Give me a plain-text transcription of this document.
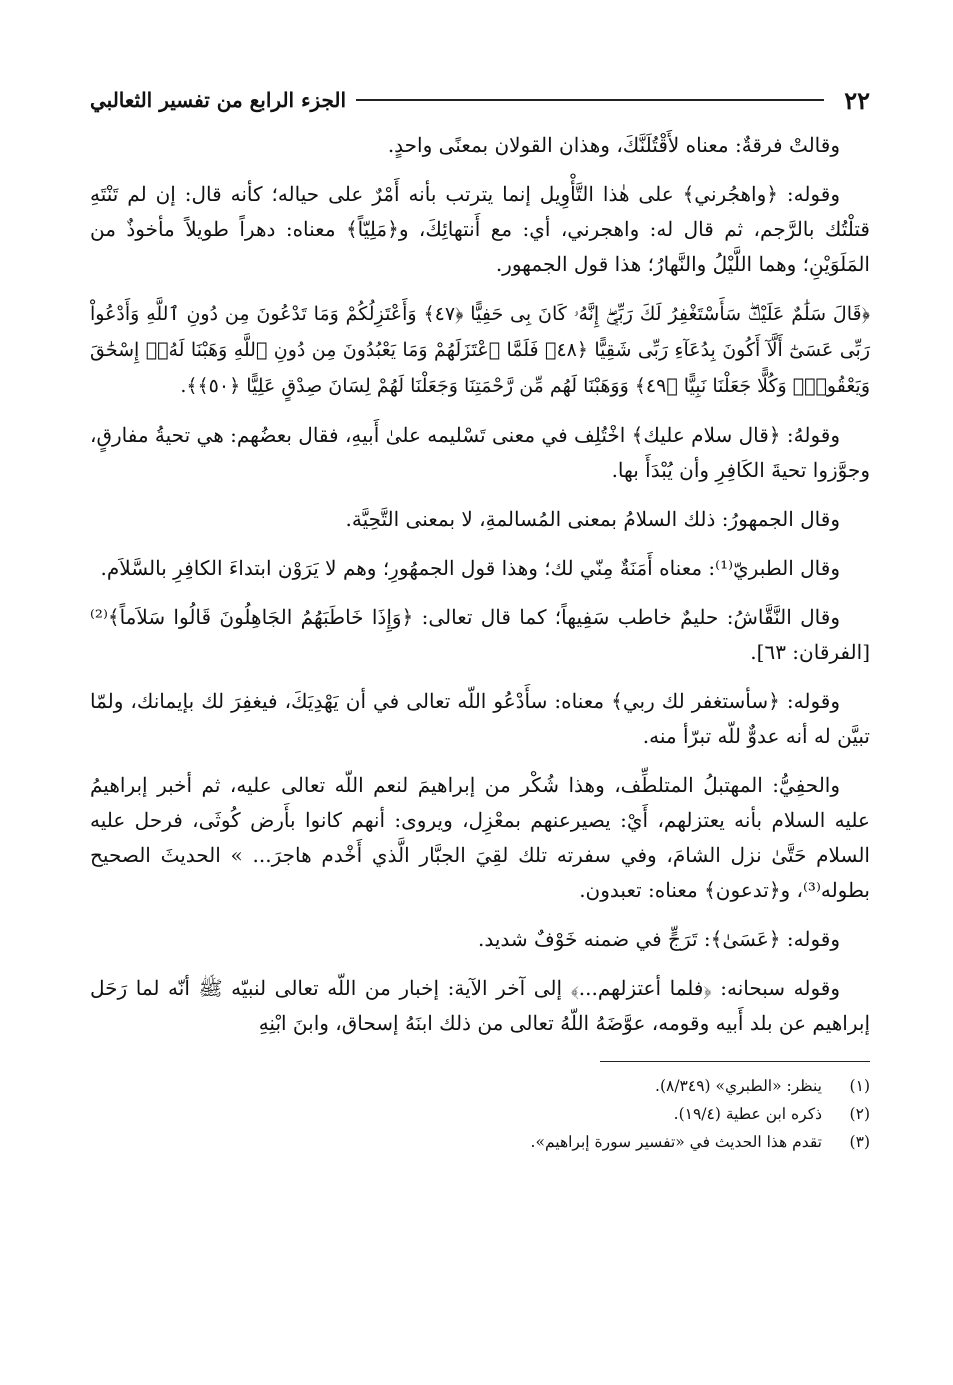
٢٢
الجزء الرابع من تفسير الثعالبي

وقالتْ فرقةٌ: معناه لأَقْتُلَنَّكَ، وهذان القولان بمعنًى واحدٍ.

وقوله: ﴿واهجُرني﴾ على هٰذا التَّأْوِيل إنما يترتب بأنه أَمْرٌ على حياله؛ كأنه قال: إن لم تَنْتَهِ قتلْتُك بالرَّجم، ثم قال له: واهجرني، أي: مع أَنتهائِكَ، و﴿مَلِيّاً﴾ معناه: دهراً طويلاً مأخوذٌ من المَلَوَيْنِ؛ وهما اللَّيْلُ والنَّهارُ؛ هذا قول الجمهور.

﴿قَالَ سَلَٰمٌ عَلَيْكَۖ سَأَسْتَغْفِرُ لَكَ رَبِّيٓۖ إِنَّهُۥ كَانَ بِى حَفِيًّا ﴿٤٧﴾ وَأَعْتَزِلُكُمْ وَمَا تَدْعُونَ مِن دُونِ ٱللَّهِ وَأَدْعُواْ رَبِّى عَسَىٰٓ أَلَّآ أَكُونَ بِدُعَآءِ رَبِّى شَقِيًّا ﴿٤٨﴾ فَلَمَّا ٱعْتَزَلَهُمْ وَمَا يَعْبُدُونَ مِن دُونِ ٱللَّهِ وَهَبْنَا لَهُۥٓ إِسْحَٰقَ وَيَعْقُوبَۖ وَكُلًّا جَعَلْنَا نَبِيًّا ﴿٤٩﴾ وَوَهَبْنَا لَهُم مِّن رَّحْمَتِنَا وَجَعَلْنَا لَهُمْ لِسَانَ صِدْقٍ عَلِيًّا ﴿٥٠﴾﴾.

وقولهُ: ﴿قال سلام عليك﴾ اخْتُلِف في معنى تَسْليمه علىٰ أَبيهِ، فقال بعضُهم: هي تحيةُ مفارقٍ، وجوَّزوا تحيةَ الكَافِرِ وأن يُبْدَأَ بها.

وقال الجمهورُ: ذلك السلامُ بمعنى المُسالمةِ، لا بمعنى التَّحِيَّة.

وقال الطبريّ⁽¹⁾: معناه أَمَنَةٌ مِنّي لك؛ وهذا قول الجمهُورِ؛ وهم لا يَرَوْن ابتداءَ الكافِرِ بالسَّلاَم.

وقال النَّقَّاشُ: حليمٌ خاطب سَفِيهاً؛ كما قال تعالى: ﴿وَإِذَا خَاطَبَهُمُ الجَاهِلُونَ قَالُوا سَلاَماً﴾⁽²⁾ [الفرقان: ٦٣].

وقوله: ﴿سأستغفر لك ربي﴾ معناه: سأَدْعُو اللّه تعالى في أن يَهْدِيَكَ، فيغفِرَ لك بإيمانك، ولمّا تبيَّن له أنه عدوٌّ للّه تبرّأ منه.

والحفِيُّ: المهتبلُ المتلطِّف، وهذا شُكْر من إبراهيمَ لنعم اللّه تعالى عليه، ثم أخبر إبراهيمُ عليه السلام بأنه يعتزلهم، أَيْ: يصيرعنهم بمعْزِل، ويروى: أنهم كانوا بأَرض كُوثَى، فرحل عليه السلام حَتَّىٰ نزل الشامَ، وفي سفرته تلك لقِيَ الجبَّار الَّذي أَخْدم هاجرَ... » الحديثَ الصحيح بطوله⁽³⁾، و﴿تدعون﴾ معناه: تعبدون.

وقوله: ﴿عَسَىٰ﴾: تَرَجٍّ في ضمنه خَوْفٌ شديد.

وقوله سبحانه: ﴿فلما أعتزلهم...﴾ إلى آخر الآية: إخبار من اللّه تعالى لنبيّه ﷺ أنّه لما رَحَل إبراهيم عن بلد أَبيه وقومه، عوَّضَهُ اللّهُ تعالى من ذلك ابنَهُ إسحاق، وابنَ ابْنِهِ

(١)
ينظر: «الطبري» (٨/٣٤٩).
(٢)
ذكره ابن عطية (١٩/٤).
(٣)
تقدم هذا الحديث في «تفسير سورة إبراهيم».
